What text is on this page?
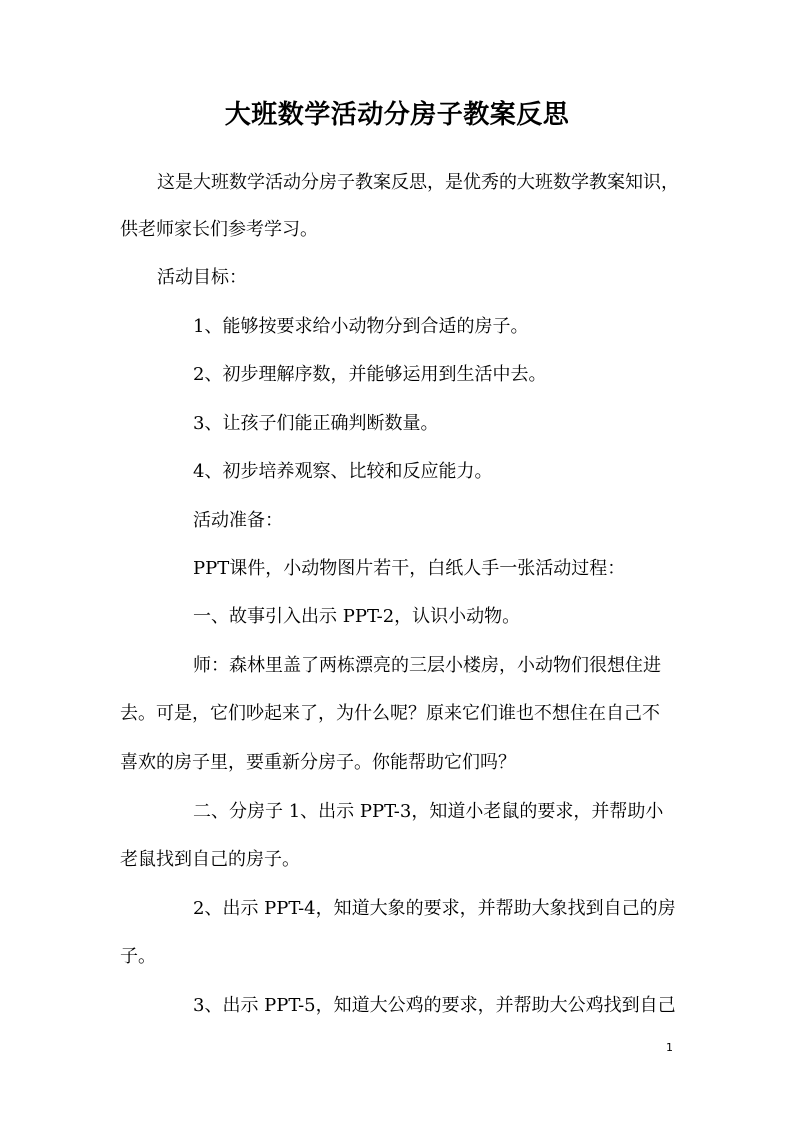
大班数学活动分房子教案反思
这是大班数学活动分房子教案反思，是优秀的大班数学教案知识，
供老师家长们参考学习。
活动目标：
1、能够按要求给小动物分到合适的房子。
2、初步理解序数，并能够运用到生活中去。
3、让孩子们能正确判断数量。
4、初步培养观察、比较和反应能力。
活动准备：
PPT课件，小动物图片若干，白纸人手一张活动过程：
一、故事引入出示 PPT-2，认识小动物。
师：森林里盖了两栋漂亮的三层小楼房，小动物们很想住进
去。可是，它们吵起来了，为什么呢？原来它们谁也不想住在自己不
喜欢的房子里，要重新分房子。你能帮助它们吗？
二、分房子 1、出示 PPT-3，知道小老鼠的要求，并帮助小
老鼠找到自己的房子。
2、出示 PPT-4，知道大象的要求，并帮助大象找到自己的房
子。
3、出示 PPT-5，知道大公鸡的要求，并帮助大公鸡找到自己
1
